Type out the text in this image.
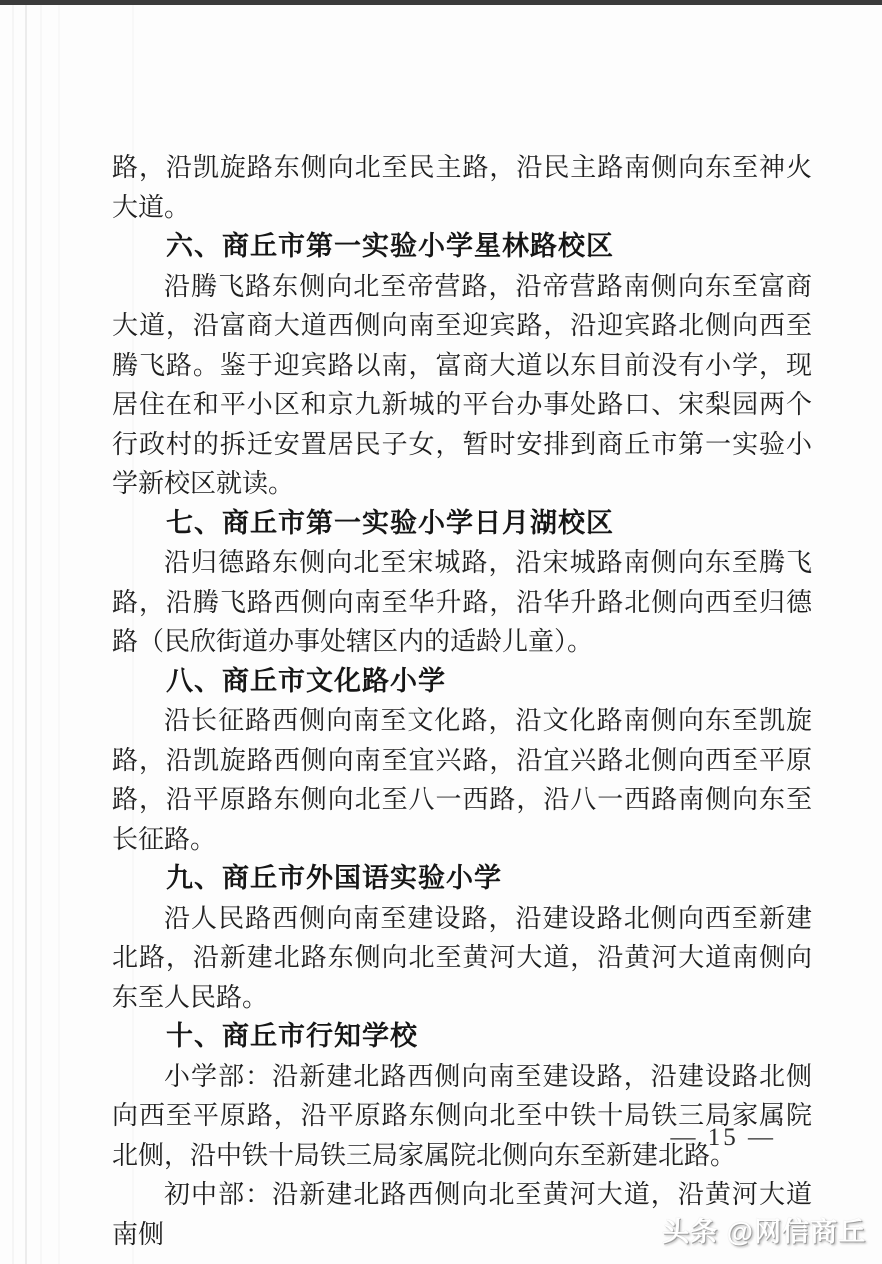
路，沿凯旋路东侧向北至民主路，沿民主路南侧向东至神火大道。

六、商丘市第一实验小学星林路校区

沿腾飞路东侧向北至帝营路，沿帝营路南侧向东至富商大道，沿富商大道西侧向南至迎宾路，沿迎宾路北侧向西至腾飞路。鉴于迎宾路以南，富商大道以东目前没有小学，现居住在和平小区和京九新城的平台办事处路口、宋梨园两个行政村的拆迁安置居民子女，暂时安排到商丘市第一实验小学新校区就读。

七、商丘市第一实验小学日月湖校区

沿归德路东侧向北至宋城路，沿宋城路南侧向东至腾飞路，沿腾飞路西侧向南至华升路，沿华升路北侧向西至归德路（民欣街道办事处辖区内的适龄儿童）。

八、商丘市文化路小学

沿长征路西侧向南至文化路，沿文化路南侧向东至凯旋路，沿凯旋路西侧向南至宜兴路，沿宜兴路北侧向西至平原路，沿平原路东侧向北至八一西路，沿八一西路南侧向东至长征路。

九、商丘市外国语实验小学

沿人民路西侧向南至建设路，沿建设路北侧向西至新建北路，沿新建北路东侧向北至黄河大道，沿黄河大道南侧向东至人民路。

十、商丘市行知学校

小学部：沿新建北路西侧向南至建设路，沿建设路北侧向西至平原路，沿平原路东侧向北至中铁十局铁三局家属院北侧，沿中铁十局铁三局家属院北侧向东至新建北路。

初中部：沿新建北路西侧向北至黄河大道，沿黄河大道南侧

— 15 —
头条 @网信商丘
